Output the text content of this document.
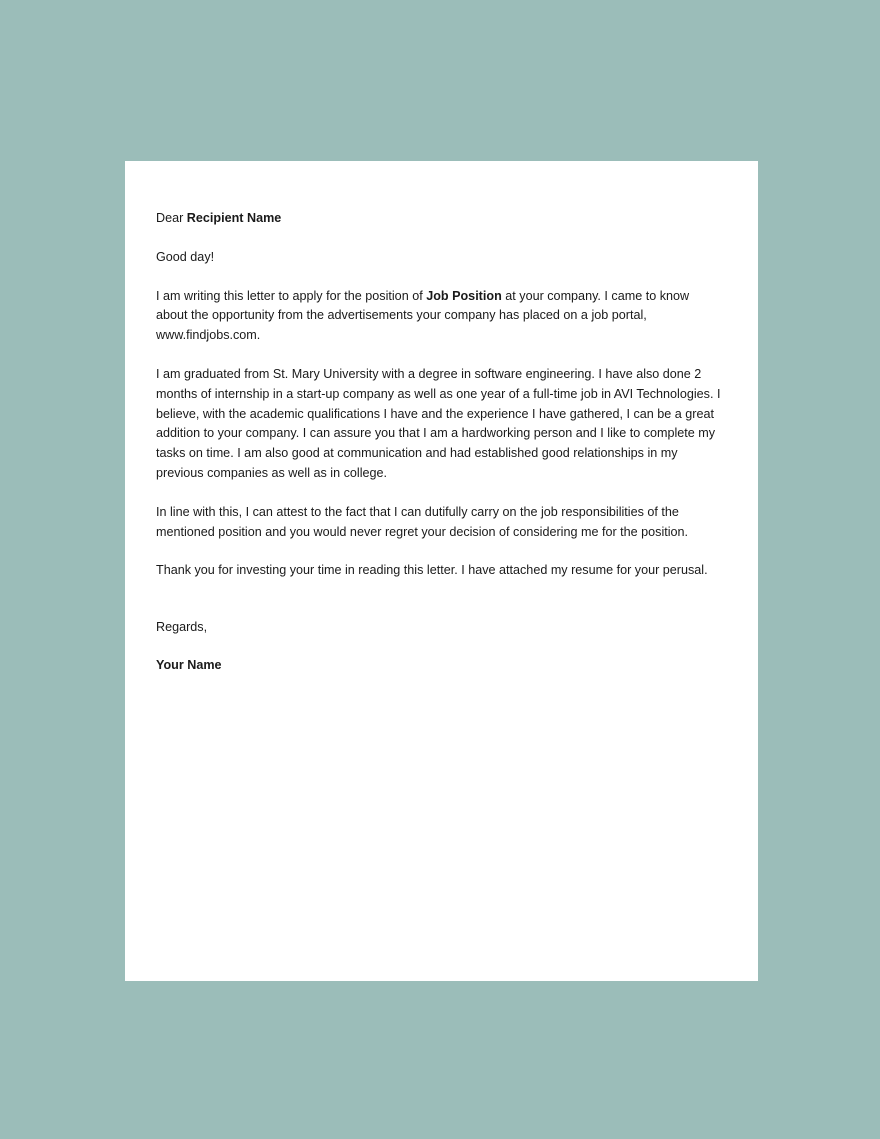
Dear Recipient Name

Good day!

I am writing this letter to apply for the position of Job Position at your company. I came to know about the opportunity from the advertisements your company has placed on a job portal, www.findjobs.com.

I am graduated from St. Mary University with a degree in software engineering. I have also done 2 months of internship in a start-up company as well as one year of a full-time job in AVI Technologies. I believe, with the academic qualifications I have and the experience I have gathered, I can be a great addition to your company. I can assure you that I am a hardworking person and I like to complete my tasks on time. I am also good at communication and had established good relationships in my previous companies as well as in college.

In line with this, I can attest to the fact that I can dutifully carry on the job responsibilities of the mentioned position and you would never regret your decision of considering me for the position.

Thank you for investing your time in reading this letter. I have attached my resume for your perusal.

Regards,

Your Name
